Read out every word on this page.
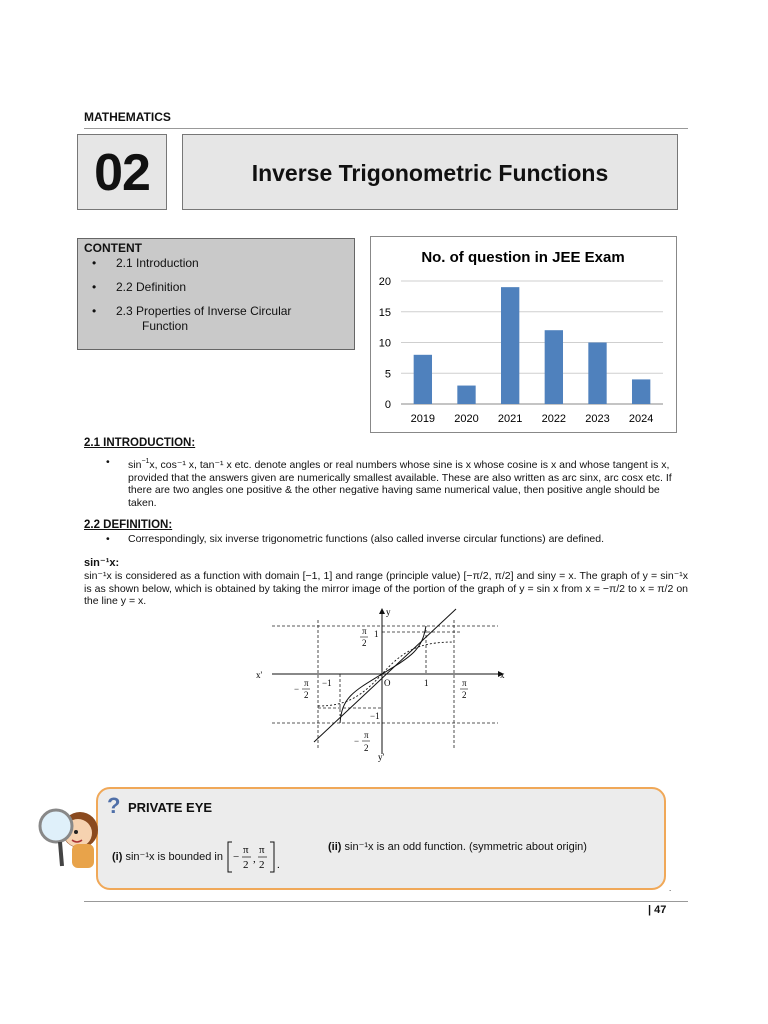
MATHEMATICS
02	Inverse Trigonometric Functions
CONTENT
• 2.1 Introduction
• 2.2 Definition
• 2.3 Properties of Inverse Circular
Function
No. of question in JEE Exam
0
5
10
15
20
2019 2020 2021 2022 2023 2024
2.1 INTRODUCTION:
• $\sin^{-1}x$, cos⁻¹ x, tan⁻¹ x etc. denote angles or real numbers whose sine is x whose cosine is x and whose tangent is x, provided that the answers given are numerically smallest available. These are also written as arc sinx, arc cosx etc. If there are two angles one positive & the other negative having same numerical value, then positive angle should be taken.
2.2 DEFINITION:
• Correspondingly, six inverse trigonometric functions (also called inverse circular functions) are defined.
sin⁻¹x:
sin⁻¹x is considered as a function with domain [−1, 1] and range (principle value) [−π/2, π/2] and siny = x. The graph of y = sin⁻¹x is as shown below, which is obtained by taking the mirror image of the portion of the graph of y = sin x from x = −π/2 to x = π/2 on the line y = x.
y
y'
x
x'
O	1
1
−1
−1
π
2
π
2
−
π
2
−
π
2
? PRIVATE EYE
(i) sin⁻¹x is bounded in −
π
2 ,
π
2 .
(ii) sin⁻¹x is an odd function. (symmetric about origin)
.
| 47
